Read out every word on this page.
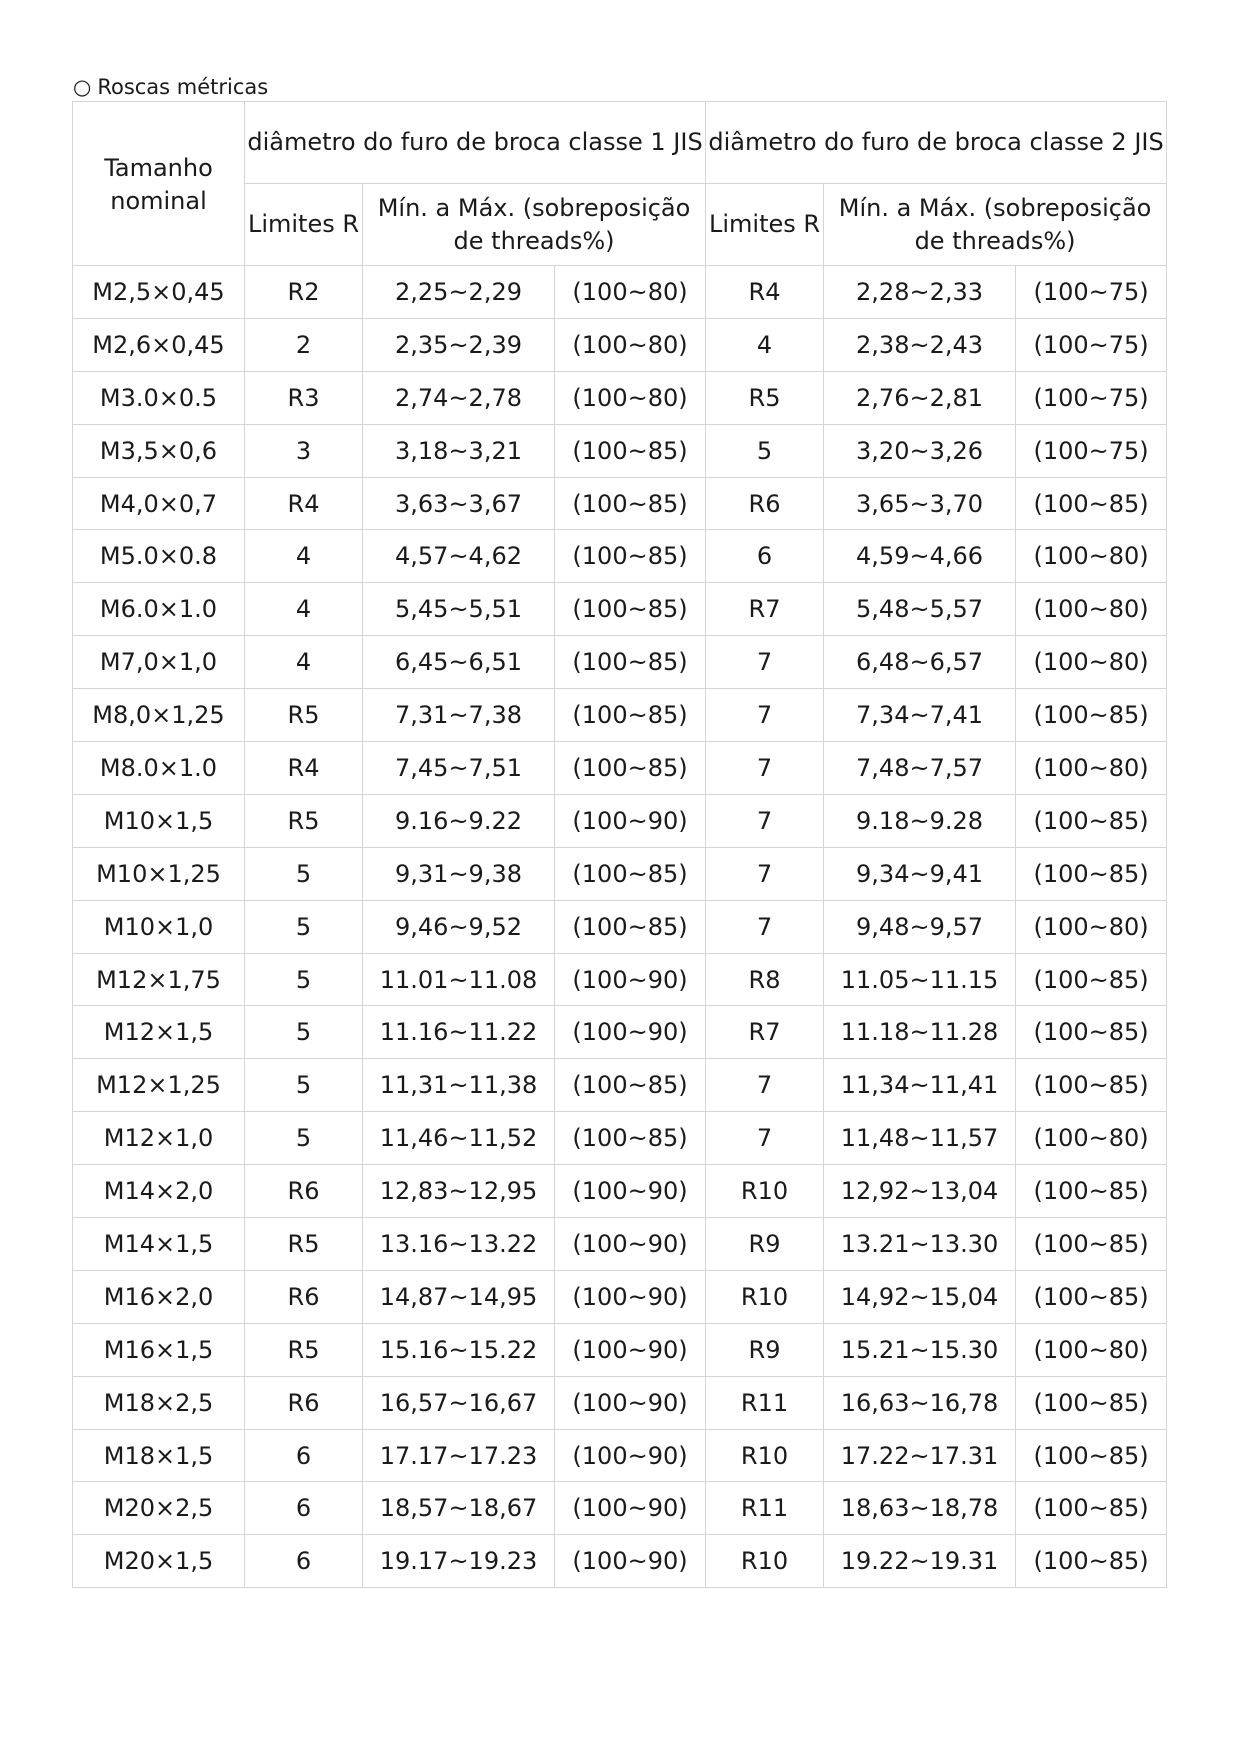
○ Roscas métricas
Tamanho nominal	diâmetro do furo de broca classe 1 JIS			diâmetro do furo de broca classe 2 JIS		
	Limites R	Mín. a Máx. (sobreposição de threads%)		Limites R	Mín. a Máx. (sobreposição de threads%)	
M2,5×0,45	R2	2,25~2,29	(100~80)	R4	2,28~2,33	(100~75)
M2,6×0,45	2	2,35~2,39	(100~80)	4	2,38~2,43	(100~75)
M3.0×0.5	R3	2,74~2,78	(100~80)	R5	2,76~2,81	(100~75)
M3,5×0,6	3	3,18~3,21	(100~85)	5	3,20~3,26	(100~75)
M4,0×0,7	R4	3,63~3,67	(100~85)	R6	3,65~3,70	(100~85)
M5.0×0.8	4	4,57~4,62	(100~85)	6	4,59~4,66	(100~80)
M6.0×1.0	4	5,45~5,51	(100~85)	R7	5,48~5,57	(100~80)
M7,0×1,0	4	6,45~6,51	(100~85)	7	6,48~6,57	(100~80)
M8,0×1,25	R5	7,31~7,38	(100~85)	7	7,34~7,41	(100~85)
M8.0×1.0	R4	7,45~7,51	(100~85)	7	7,48~7,57	(100~80)
M10×1,5	R5	9.16~9.22	(100~90)	7	9.18~9.28	(100~85)
M10×1,25	5	9,31~9,38	(100~85)	7	9,34~9,41	(100~85)
M10×1,0	5	9,46~9,52	(100~85)	7	9,48~9,57	(100~80)
M12×1,75	5	11.01~11.08	(100~90)	R8	11.05~11.15	(100~85)
M12×1,5	5	11.16~11.22	(100~90)	R7	11.18~11.28	(100~85)
M12×1,25	5	11,31~11,38	(100~85)	7	11,34~11,41	(100~85)
M12×1,0	5	11,46~11,52	(100~85)	7	11,48~11,57	(100~80)
M14×2,0	R6	12,83~12,95	(100~90)	R10	12,92~13,04	(100~85)
M14×1,5	R5	13.16~13.22	(100~90)	R9	13.21~13.30	(100~85)
M16×2,0	R6	14,87~14,95	(100~90)	R10	14,92~15,04	(100~85)
M16×1,5	R5	15.16~15.22	(100~90)	R9	15.21~15.30	(100~80)
M18×2,5	R6	16,57~16,67	(100~90)	R11	16,63~16,78	(100~85)
M18×1,5	6	17.17~17.23	(100~90)	R10	17.22~17.31	(100~85)
M20×2,5	6	18,57~18,67	(100~90)	R11	18,63~18,78	(100~85)
M20×1,5	6	19.17~19.23	(100~90)	R10	19.22~19.31	(100~85)
